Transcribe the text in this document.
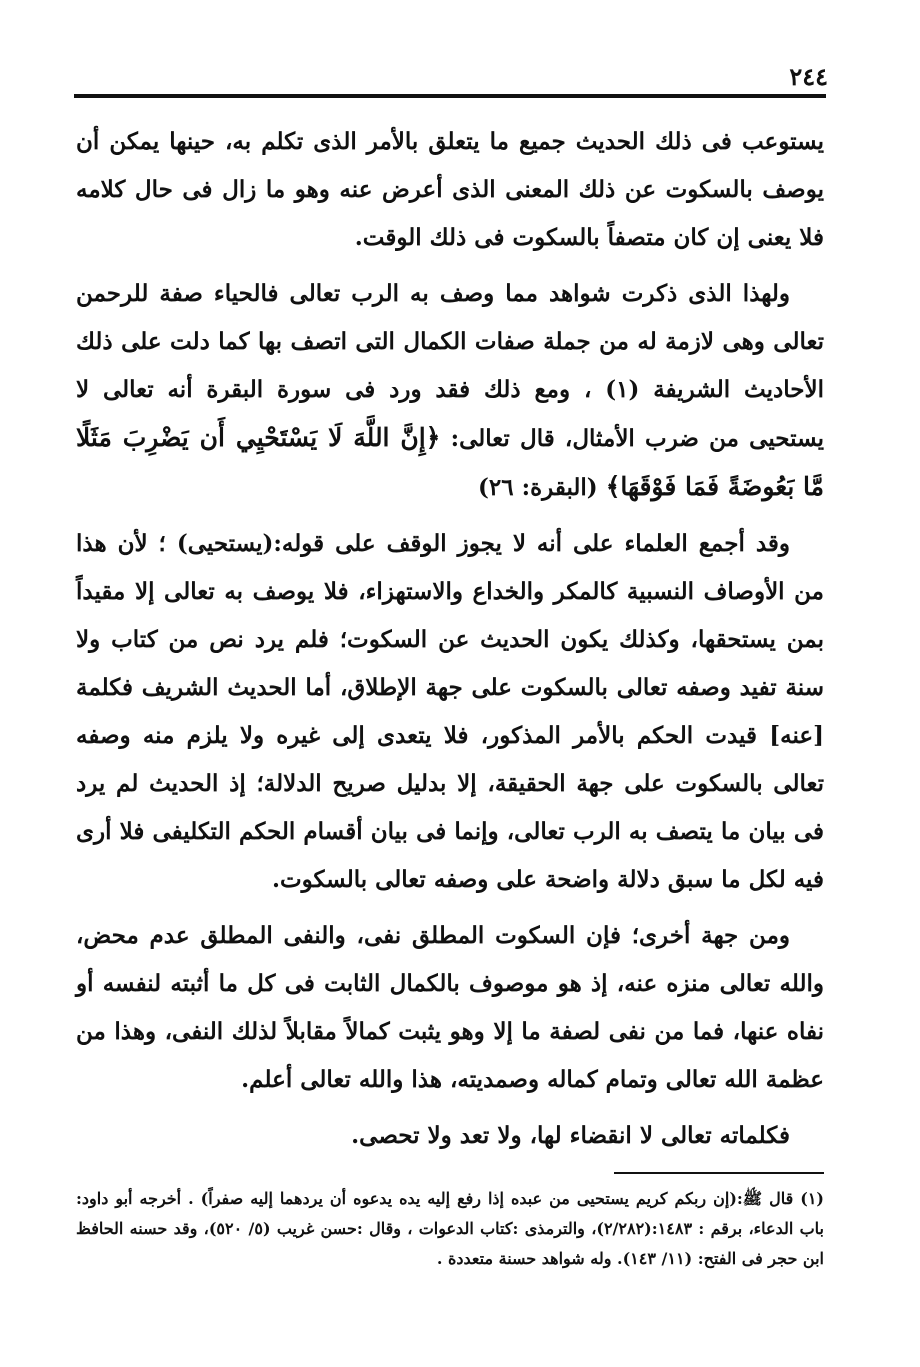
٢٤٤

يستوعب فى ذلك الحديث جميع ما يتعلق بالأمر الذى تكلم به، حينها يمكن أن يوصف بالسكوت عن ذلك المعنى الذى أعرض عنه وهو ما زال فى حال كلامه فلا يعنى إن كان متصفاً بالسكوت فى ذلك الوقت.

ولهذا الذى ذكرت شواهد مما وصف به الرب تعالى فالحياء صفة للرحمن تعالى وهى لازمة له من جملة صفات الكمال التى اتصف بها كما دلت على ذلك الأحاديث الشريفة (١) ، ومع ذلك فقد ورد فى سورة البقرة أنه تعالى لا يستحيى من ضرب الأمثال، قال تعالى: ﴿إِنَّ اللَّهَ لَا يَسْتَحْيِي أَن يَضْرِبَ مَثَلًا مَّا بَعُوضَةً فَمَا فَوْقَهَا﴾ (البقرة: ٢٦)

وقد أجمع العلماء على أنه لا يجوز الوقف على قوله:(يستحيى) ؛ لأن هذا من الأوصاف النسبية كالمكر والخداع والاستهزاء، فلا يوصف به تعالى إلا مقيداً بمن يستحقها، وكذلك يكون الحديث عن السكوت؛ فلم يرد نص من كتاب ولا سنة تفيد وصفه تعالى بالسكوت على جهة الإطلاق، أما الحديث الشريف فكلمة [عنه] قيدت الحكم بالأمر المذكور، فلا يتعدى إلى غيره ولا يلزم منه وصفه تعالى بالسكوت على جهة الحقيقة، إلا بدليل صريح الدلالة؛ إذ الحديث لم يرد فى بيان ما يتصف به الرب تعالى، وإنما فى بيان أقسام الحكم التكليفى فلا أرى فيه لكل ما سبق دلالة واضحة على وصفه تعالى بالسكوت.

ومن جهة أخرى؛ فإن السكوت المطلق نفى، والنفى المطلق عدم محض، والله تعالى منزه عنه، إذ هو موصوف بالكمال الثابت فى كل ما أثبته لنفسه أو نفاه عنها، فما من نفى لصفة ما إلا وهو يثبت كمالاً مقابلاً لذلك النفى، وهذا من عظمة الله تعالى وتمام كماله وصمديته، هذا والله تعالى أعلم.

فكلماته تعالى لا انقضاء لها، ولا تعد ولا تحصى.

(١) قال ﷺ:(إن ربكم كريم يستحيى من عبده إذا رفع إليه يده يدعوه أن يردهما إليه صفراً) . أخرجه أبو داود: باب الدعاء، برقم : ١٤٨٣:(٢/٢٨٢)، والترمذى :كتاب الدعوات ، وقال :حسن غريب (٥/ ٥٢٠)، وقد حسنه الحافظ ابن حجر فى الفتح: (١١/ ١٤٣). وله شواهد حسنة متعددة .
